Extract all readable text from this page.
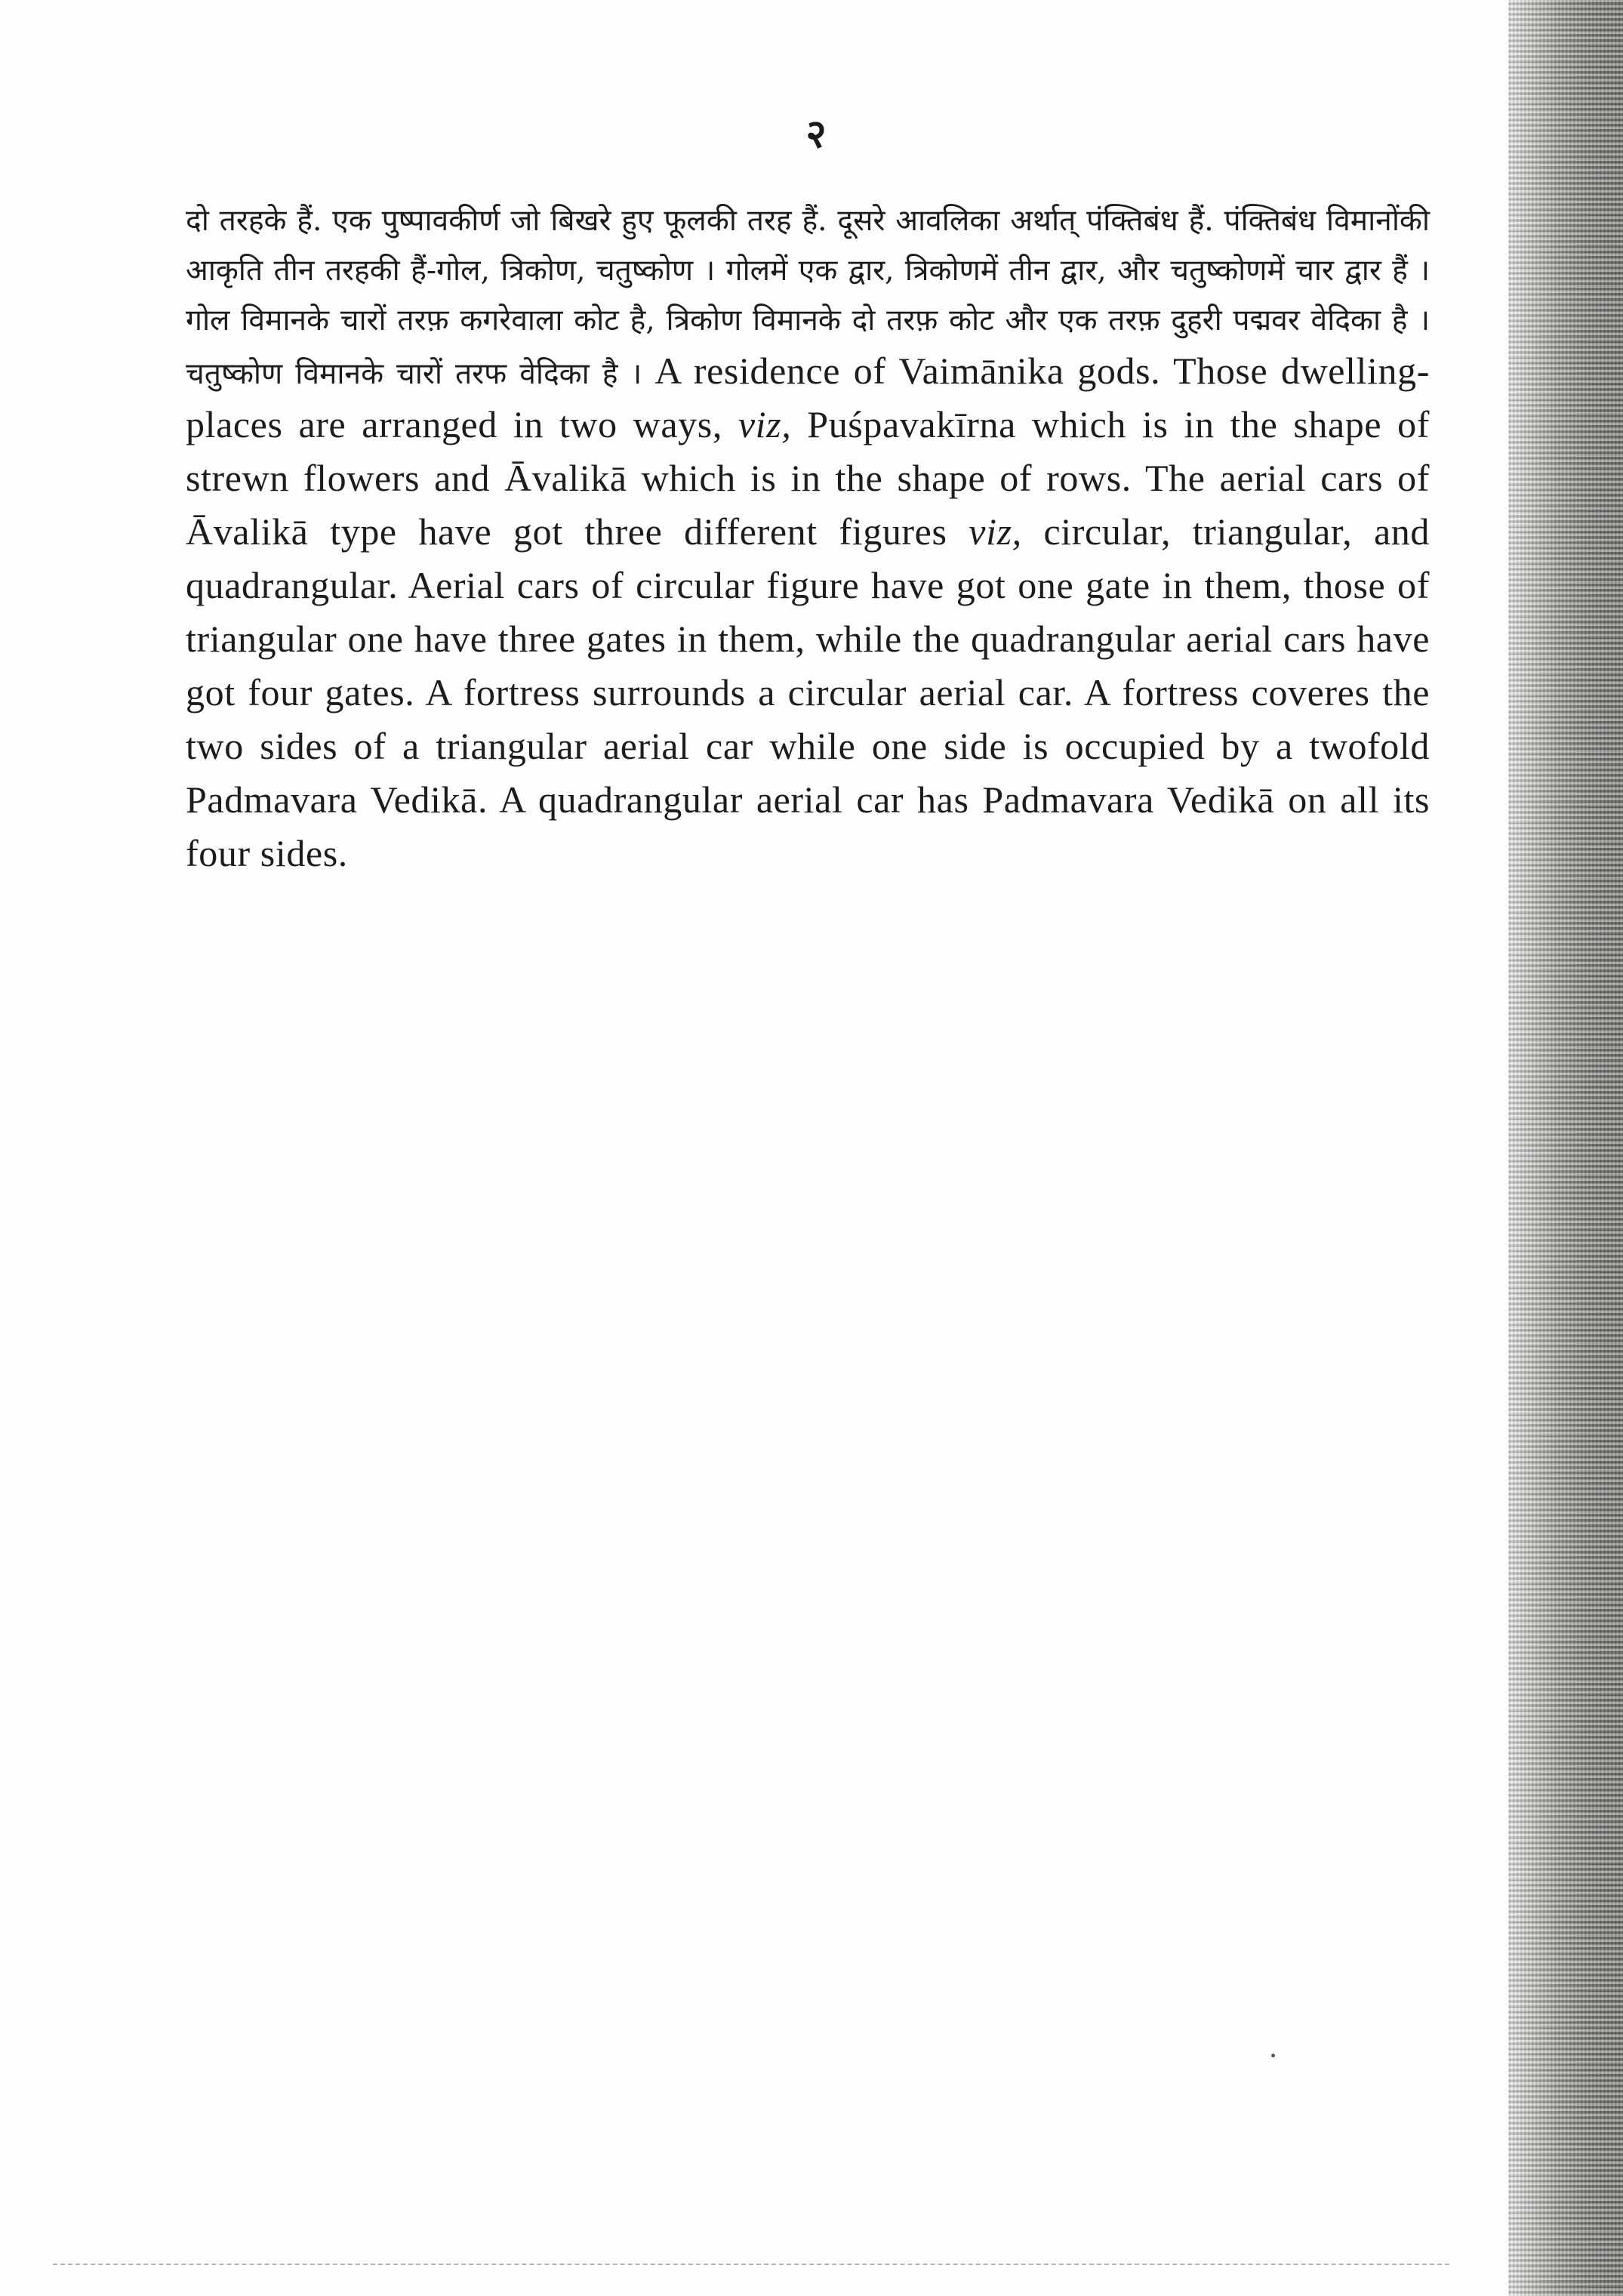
२

दो तरहके हैं. एक पुष्पावकीर्ण जो बिखरे हुए फूलकी तरह हैं. दूसरे आवलिका अर्थात् पंक्तिबंध हैं. पंक्तिबंध विमानोंकी आकृति तीन तरहकी हैं-गोल, त्रिकोण, चतुष्कोण । गोलमें एक द्वार, त्रिकोणमें तीन द्वार, और चतुष्कोणमें चार द्वार हैं । गोल विमानके चारों तरफ़ कगरेवाला कोट है, त्रिकोण विमानके दो तरफ़ कोट और एक तरफ़ दुहरी पद्मवर वेदिका है । चतुष्कोण विमानके चारों तरफ वेदिका है । A residence of Vaimānika gods. Those dwelling-places are arranged in two ways, viz, Puśpavakīrna which is in the shape of strewn flowers and Āvalikā which is in the shape of rows. The aerial cars of Āvalikā type have got three different figures viz, circular, triangular, and quadrangular. Aerial cars of circular figure have got one gate in them, those of triangular one have three gates in them, while the quadrangular aerial cars have got four gates. A fortress surrounds a circular aerial car. A fortress coveres the two sides of a triangular aerial car while one side is occupied by a twofold Padmavara Vedikā. A quadrangular aerial car has Padmavara Vedikā on all its four sides.
